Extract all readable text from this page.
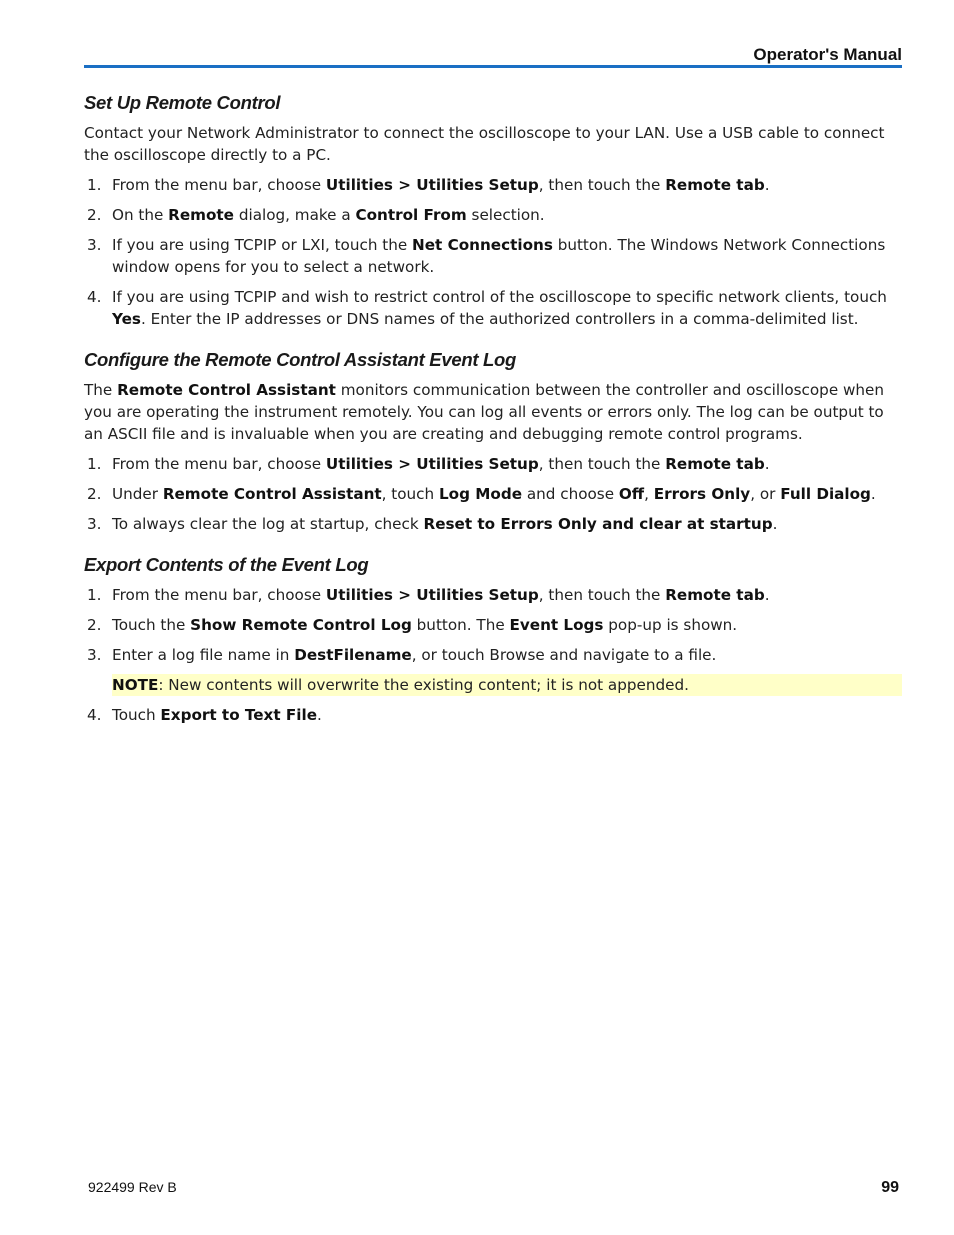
Operator's Manual
Set Up Remote Control

Contact your Network Administrator to connect the oscilloscope to your LAN. Use a USB cable to connect the oscilloscope directly to a PC.

1. From the menu bar, choose Utilities > Utilities Setup, then touch the Remote tab.
2. On the Remote dialog, make a Control From selection.
3. If you are using TCPIP or LXI, touch the Net Connections button. The Windows Network Connections window opens for you to select a network.
4. If you are using TCPIP and wish to restrict control of the oscilloscope to specific network clients, touch Yes. Enter the IP addresses or DNS names of the authorized controllers in a comma-delimited list.
Configure the Remote Control Assistant Event Log

The Remote Control Assistant monitors communication between the controller and oscilloscope when you are operating the instrument remotely. You can log all events or errors only. The log can be output to an ASCII file and is invaluable when you are creating and debugging remote control programs.

1. From the menu bar, choose Utilities > Utilities Setup, then touch the Remote tab.
2. Under Remote Control Assistant, touch Log Mode and choose Off, Errors Only, or Full Dialog.
3. To always clear the log at startup, check Reset to Errors Only and clear at startup.
Export Contents of the Event Log
1. From the menu bar, choose Utilities > Utilities Setup, then touch the Remote tab.
2. Touch the Show Remote Control Log button. The Event Logs pop-up is shown.
3. Enter a log file name in DestFilename, or touch Browse and navigate to a file.
NOTE: New contents will overwrite the existing content; it is not appended.
4. Touch Export to Text File.
922499 Rev B	99
